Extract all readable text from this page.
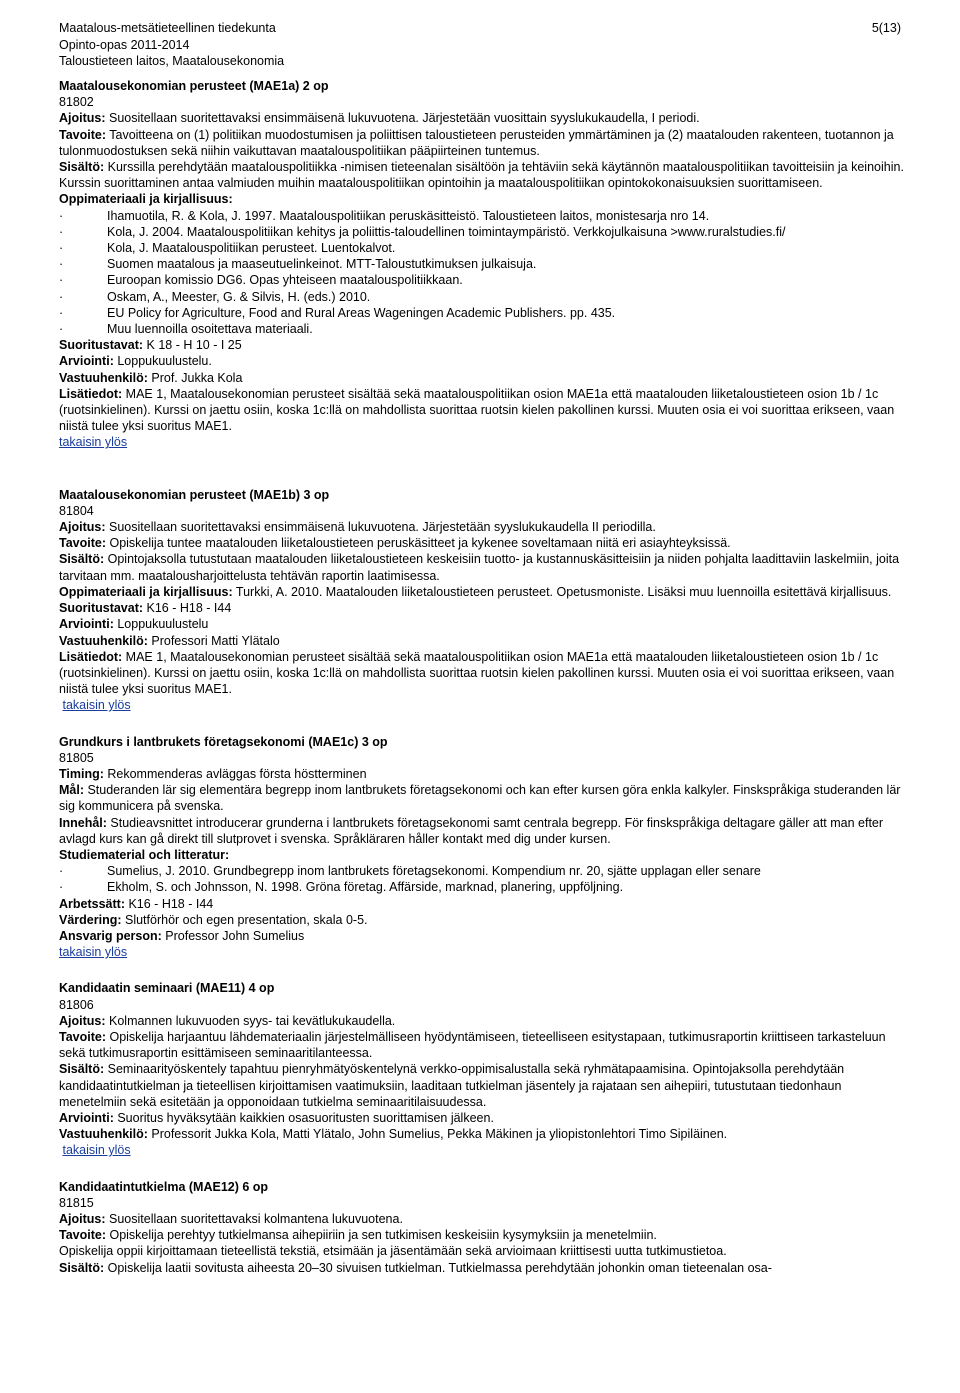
Maatalous-metsätieteellinen tiedekunta
Opinto-opas 2011-2014
Taloustieteen laitos, Maatalousekonomia
5(13)

Maatalousekonomian perusteet (MAE1a) 2 op

81802

Ajoitus: Suositellaan suoritettavaksi ensimmäisenä lukuvuotena. Järjestetään vuosittain syyslukukaudella, I periodi.

Tavoite: Tavoitteena on (1) politiikan muodostumisen ja poliittisen taloustieteen perusteiden ymmärtäminen ja (2) maatalouden rakenteen, tuotannon ja tulonmuodostuksen sekä niihin vaikuttavan maatalouspolitiikan pääpiirteinen tuntemus.

Sisältö: Kurssilla perehdytään maatalouspolitiikka -nimisen tieteenalan sisältöön ja tehtäviin sekä käytännön maatalouspolitiikan tavoitteisiin ja keinoihin. Kurssin suorittaminen antaa valmiuden muihin maatalouspolitiikan opintoihin ja maatalouspolitiikan opintokokonaisuuksien suorittamiseen.

Oppimateriaali ja kirjallisuus:

·	Ihamuotila, R. & Kola, J. 1997. Maatalouspolitiikan peruskäsitteistö. Taloustieteen laitos, monistesarja nro 14.
·	Kola, J. 2004. Maatalouspolitiikan kehitys ja poliittis-taloudellinen toimintaympäristö. Verkkojulkaisuna >www.ruralstudies.fi/
·	Kola, J. Maatalouspolitiikan perusteet. Luentokalvot.
·	Suomen maatalous ja maaseutuelinkeinot. MTT-Taloustutkimuksen julkaisuja.
·	Euroopan komissio DG6. Opas yhteiseen maatalouspolitiikkaan.
·	Oskam, A., Meester, G. & Silvis, H. (eds.) 2010.
·	EU Policy for Agriculture, Food and Rural Areas Wageningen Academic Publishers. pp. 435.
·	Muu luennoilla osoitettava materiaali.

Suoritustavat: K 18 - H 10 - I 25

Arviointi: Loppukuulustelu.

Vastuuhenkilö: Prof. Jukka Kola

Lisätiedot: MAE 1, Maatalousekonomian perusteet sisältää sekä maatalouspolitiikan osion MAE1a että maatalouden liiketaloustieteen osion 1b / 1c (ruotsinkielinen). Kurssi on jaettu osiin, koska 1c:llä on mahdollista suorittaa ruotsin kielen pakollinen kurssi. Muuten osia ei voi suorittaa erikseen, vaan niistä tulee yksi suoritus MAE1.

takaisin ylös

Maatalousekonomian perusteet (MAE1b) 3 op

81804

Ajoitus: Suositellaan suoritettavaksi ensimmäisenä lukuvuotena. Järjestetään syyslukukaudella II periodilla.

Tavoite: Opiskelija tuntee maatalouden liiketaloustieteen peruskäsitteet ja kykenee soveltamaan niitä eri asiayhteyksissä.

Sisältö: Opintojaksolla tutustutaan maatalouden liiketaloustieteen keskeisiin tuotto- ja kustannuskäsitteisiin ja niiden pohjalta laadittaviin laskelmiin, joita tarvitaan mm. maatalousharjoittelusta tehtävän raportin laatimisessa.

Oppimateriaali ja kirjallisuus: Turkki, A. 2010. Maatalouden liiketaloustieteen perusteet. Opetusmoniste. Lisäksi muu luennoilla esitettävä kirjallisuus.

Suoritustavat: K16 - H18 - I44

Arviointi: Loppukuulustelu

Vastuuhenkilö: Professori Matti Ylätalo

Lisätiedot: MAE 1, Maatalousekonomian perusteet sisältää sekä maatalouspolitiikan osion MAE1a että maatalouden liiketaloustieteen osion 1b / 1c (ruotsinkielinen). Kurssi on jaettu osiin, koska 1c:llä on mahdollista suorittaa ruotsin kielen pakollinen kurssi. Muuten osia ei voi suorittaa erikseen, vaan niistä tulee yksi suoritus MAE1.

takaisin ylös

Grundkurs i lantbrukets företagsekonomi (MAE1c) 3 op

81805

Timing: Rekommenderas avläggas första höstterminen

Mål: Studeranden lär sig elementära begrepp inom lantbrukets företagsekonomi och kan efter kursen göra enkla kalkyler. Finskspråkiga studeranden lär sig kommunicera på svenska.

Innehål: Studieavsnittet introducerar grunderna i lantbrukets företagsekonomi samt centrala begrepp. För finskspråkiga deltagare gäller att man efter avlagd kurs kan gå direkt till slutprovet i svenska. Språkläraren håller kontakt med dig under kursen.

Studiematerial och litteratur:

·	Sumelius, J. 2010. Grundbegrepp inom lantbrukets företagsekonomi. Kompendium nr. 20, sjätte upplagan eller senare
·	Ekholm, S. och Johnsson, N. 1998. Gröna företag. Affärside, marknad, planering, uppföljning.

Arbetssätt: K16 - H18 - I44

Värdering: Slutförhör och egen presentation, skala 0-5.

Ansvarig person: Professor John Sumelius

takaisin ylös

Kandidaatin seminaari (MAE11) 4 op

81806

Ajoitus: Kolmannen lukuvuoden syys- tai kevätlukukaudella.

Tavoite: Opiskelija harjaantuu lähdemateriaalin järjestelmälliseen hyödyntämiseen, tieteelliseen esitystapaan, tutkimusraportin kriittiseen tarkasteluun sekä tutkimusraportin esittämiseen seminaaritilanteessa.

Sisältö: Seminaarityöskentely tapahtuu pienryhmätyöskentelynä verkko-oppimisalustalla sekä ryhmätapaamisina. Opintojaksolla perehdytään kandidaatintutkielman ja tieteellisen kirjoittamisen vaatimuksiin, laaditaan tutkielman jäsentely ja rajataan sen aihepiiri, tutustutaan tiedonhaun menetelmiin sekä esitetään ja opponoidaan tutkielma seminaaritilaisuudessa.

Arviointi: Suoritus hyväksytään kaikkien osasuoritusten suorittamisen jälkeen.

Vastuuhenkilö: Professorit Jukka Kola, Matti Ylätalo, John Sumelius, Pekka Mäkinen ja yliopistonlehtori Timo Sipiläinen.

takaisin ylös

Kandidaatintutkielma (MAE12) 6 op

81815

Ajoitus: Suositellaan suoritettavaksi kolmantena lukuvuotena.

Tavoite: Opiskelija perehtyy tutkielmansa aihepiiriin ja sen tutkimisen keskeisiin kysymyksiin ja menetelmiin.

Opiskelija oppii kirjoittamaan tieteellistä tekstiä, etsimään ja jäsentämään sekä arvioimaan kriittisesti uutta tutkimustietoa.

Sisältö: Opiskelija laatii sovitusta aiheesta 20–30 sivuisen tutkielman. Tutkielmassa perehdytään johonkin oman tieteenalan osa-
